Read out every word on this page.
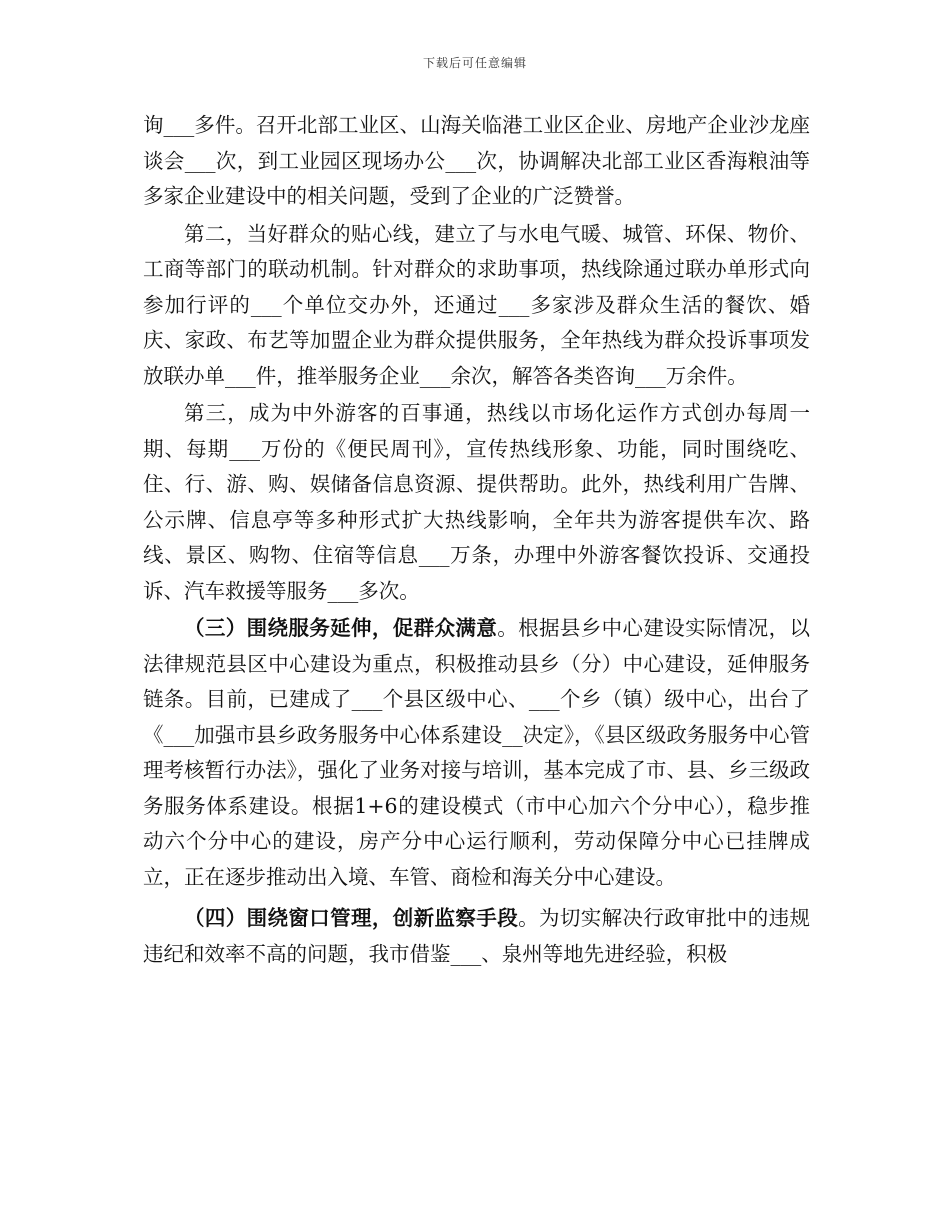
下载后可任意编辑

询___多件。召开北部工业区、山海关临港工业区企业、房地产企业沙龙座谈会___次，到工业园区现场办公___次，协调解决北部工业区香海粮油等多家企业建设中的相关问题，受到了企业的广泛赞誉。

第二，当好群众的贴心线，建立了与水电气暖、城管、环保、物价、工商等部门的联动机制。针对群众的求助事项，热线除通过联办单形式向参加行评的___个单位交办外，还通过___多家涉及群众生活的餐饮、婚庆、家政、布艺等加盟企业为群众提供服务，全年热线为群众投诉事项发放联办单___件，推举服务企业___余次，解答各类咨询___万余件。

第三，成为中外游客的百事通，热线以市场化运作方式创办每周一期、每期___万份的《便民周刊》，宣传热线形象、功能，同时围绕吃、住、行、游、购、娱储备信息资源、提供帮助。此外，热线利用广告牌、公示牌、信息亭等多种形式扩大热线影响，全年共为游客提供车次、路线、景区、购物、住宿等信息___万条，办理中外游客餐饮投诉、交通投诉、汽车救援等服务___多次。

（三）围绕服务延伸，促群众满意。根据县乡中心建设实际情况，以法律规范县区中心建设为重点，积极推动县乡（分）中心建设，延伸服务链条。目前，已建成了___个县区级中心、___个乡（镇）级中心，出台了《___加强市县乡政务服务中心体系建设__决定》，《县区级政务服务中心管理考核暂行办法》，强化了业务对接与培训，基本完成了市、县、乡三级政务服务体系建设。根据1+6的建设模式（市中心加六个分中心），稳步推动六个分中心的建设，房产分中心运行顺利，劳动保障分中心已挂牌成立，正在逐步推动出入境、车管、商检和海关分中心建设。

（四）围绕窗口管理，创新监察手段。为切实解决行政审批中的违规违纪和效率不高的问题，我市借鉴___、泉州等地先进经验，积极
